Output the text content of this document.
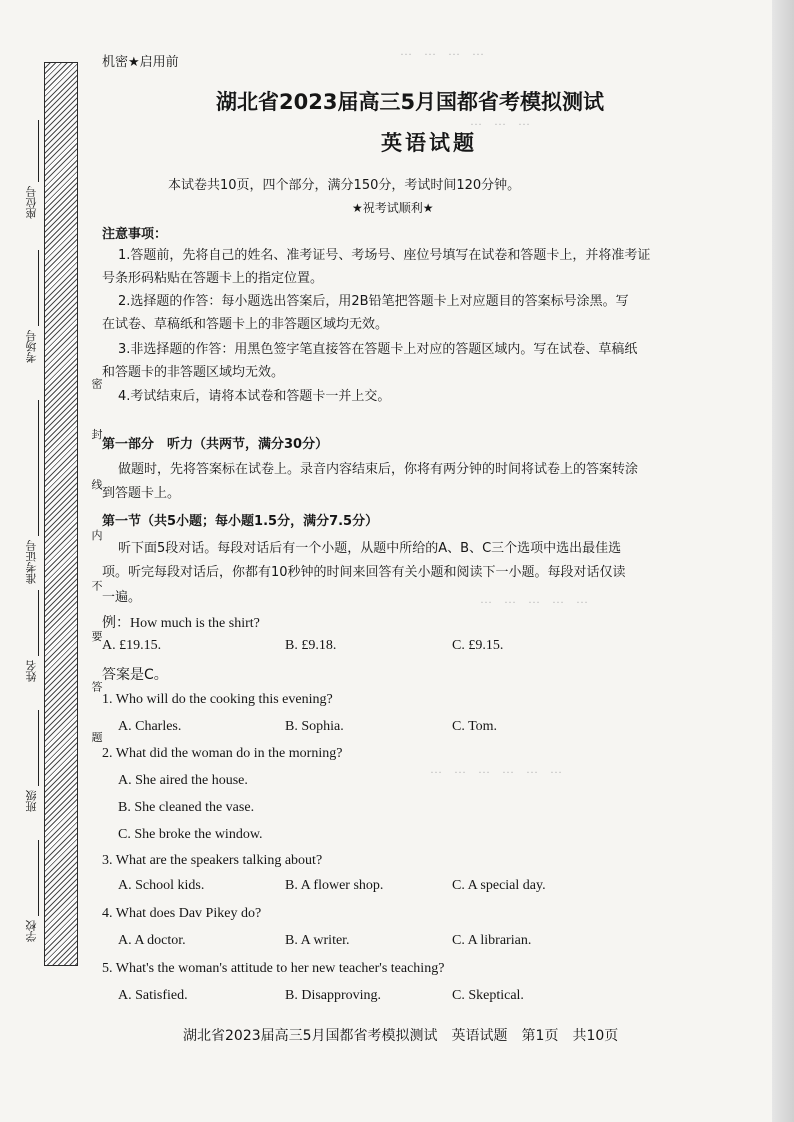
…　…　…　…
…　…　…
…　…　…　…　…
…　…　…　…　…　…
座位号
考场号
准考证号
姓名
班级
学校
密 封 线 内 不 要 答 题
机密★启用前
湖北省2023届高三5月国都省考模拟测试
英语试题
本试卷共10页，四个部分，满分150分，考试时间120分钟。
★祝考试顺利★
注意事项：
1.答题前，先将自己的姓名、准考证号、考场号、座位号填写在试卷和答题卡上，并将准考证
号条形码粘贴在答题卡上的指定位置。
2.选择题的作答：每小题选出答案后，用2B铅笔把答题卡上对应题目的答案标号涂黑。写
在试卷、草稿纸和答题卡上的非答题区域均无效。
3.非选择题的作答：用黑色签字笔直接答在答题卡上对应的答题区域内。写在试卷、草稿纸
和答题卡的非答题区域均无效。
4.考试结束后，请将本试卷和答题卡一并上交。
第一部分　听力（共两节，满分30分）
做题时，先将答案标在试卷上。录音内容结束后，你将有两分钟的时间将试卷上的答案转涂
到答题卡上。
第一节（共5小题；每小题1.5分，满分7.5分）
听下面5段对话。每段对话后有一个小题，从题中所给的A、B、C三个选项中选出最佳选
项。听完每段对话后，你都有10秒钟的时间来回答有关小题和阅读下一小题。每段对话仅读
一遍。
例：How much is the shirt?
A. £19.15.	B. £9.18.	C. £9.15.
答案是C。
1. Who will do the cooking this evening?
A. Charles.	B. Sophia.	C. Tom.
2. What did the woman do in the morning?
A. She aired the house.
B. She cleaned the vase.
C. She broke the window.
3. What are the speakers talking about?
A. School kids.	B. A flower shop.	C. A special day.
4. What does Dav Pikey do?
A. A doctor.	B. A writer.	C. A librarian.
5. What's the woman's attitude to her new teacher's teaching?
A. Satisfied.	B. Disapproving.	C. Skeptical.
湖北省2023届高三5月国都省考模拟测试　英语试题　第1页　共10页
